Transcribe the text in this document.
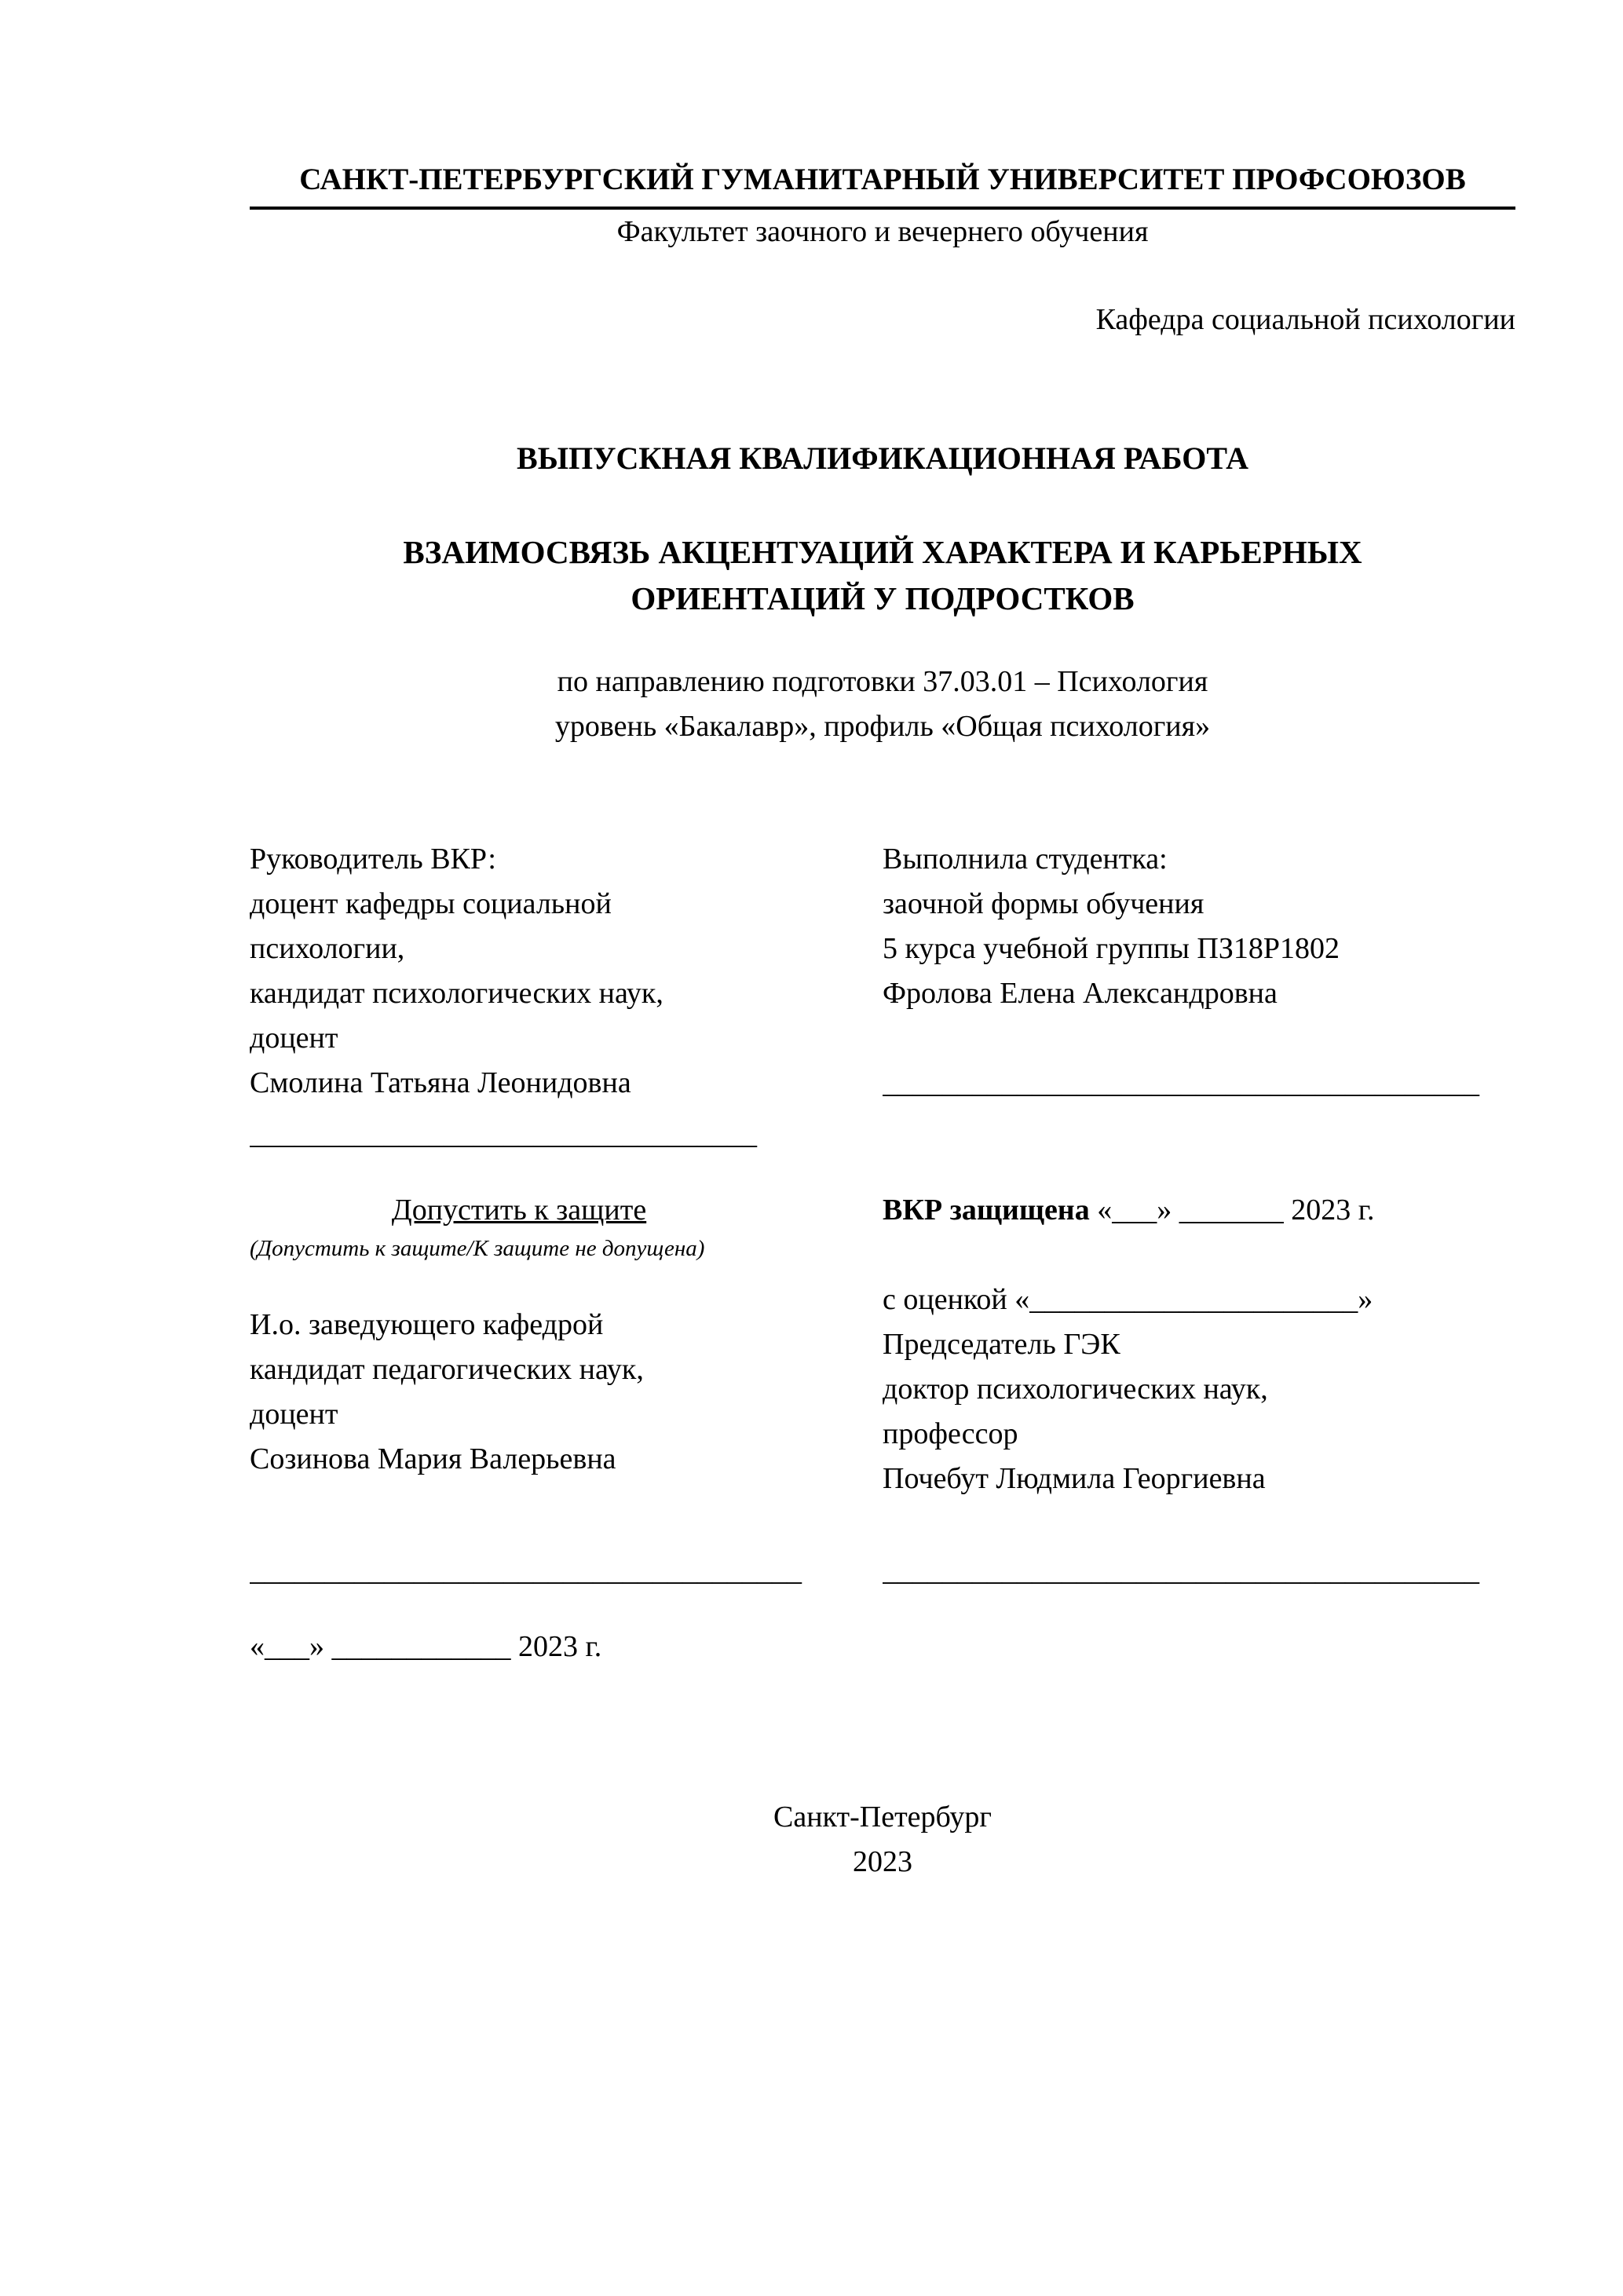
САНКТ-ПЕТЕРБУРГСКИЙ ГУМАНИТАРНЫЙ УНИВЕРСИТЕТ ПРОФСОЮЗОВ
Факультет заочного и вечернего обучения
Кафедра социальной психологии
ВЫПУСКНАЯ КВАЛИФИКАЦИОННАЯ РАБОТА
ВЗАИМОСВЯЗЬ АКЦЕНТУАЦИЙ ХАРАКТЕРА И КАРЬЕРНЫХ
ОРИЕНТАЦИЙ У ПОДРОСТКОВ
по направлению подготовки 37.03.01 – Психология
уровень «Бакалавр», профиль «Общая психология»
Руководитель ВКР:
доцент кафедры социальной
психологии,
кандидат психологических наук,
доцент
Смолина Татьяна Леонидовна
__________________________________
Выполнила студентка:
заочной формы обучения
5 курса учебной группы ПЗ18Р1802
Фролова Елена Александровна
________________________________________
Допустить к защите
(Допустить к защите/К защите не допущена)
И.о. заведующего кафедрой
кандидат педагогических наук,
доцент
Созинова Мария Валерьевна
_____________________________________
«___» ____________ 2023 г.
ВКР защищена «___» _______ 2023 г.
с оценкой «______________________»
Председатель ГЭК
доктор психологических наук,
профессор
Почебут Людмила Георгиевна
________________________________________
Санкт-Петербург
2023
